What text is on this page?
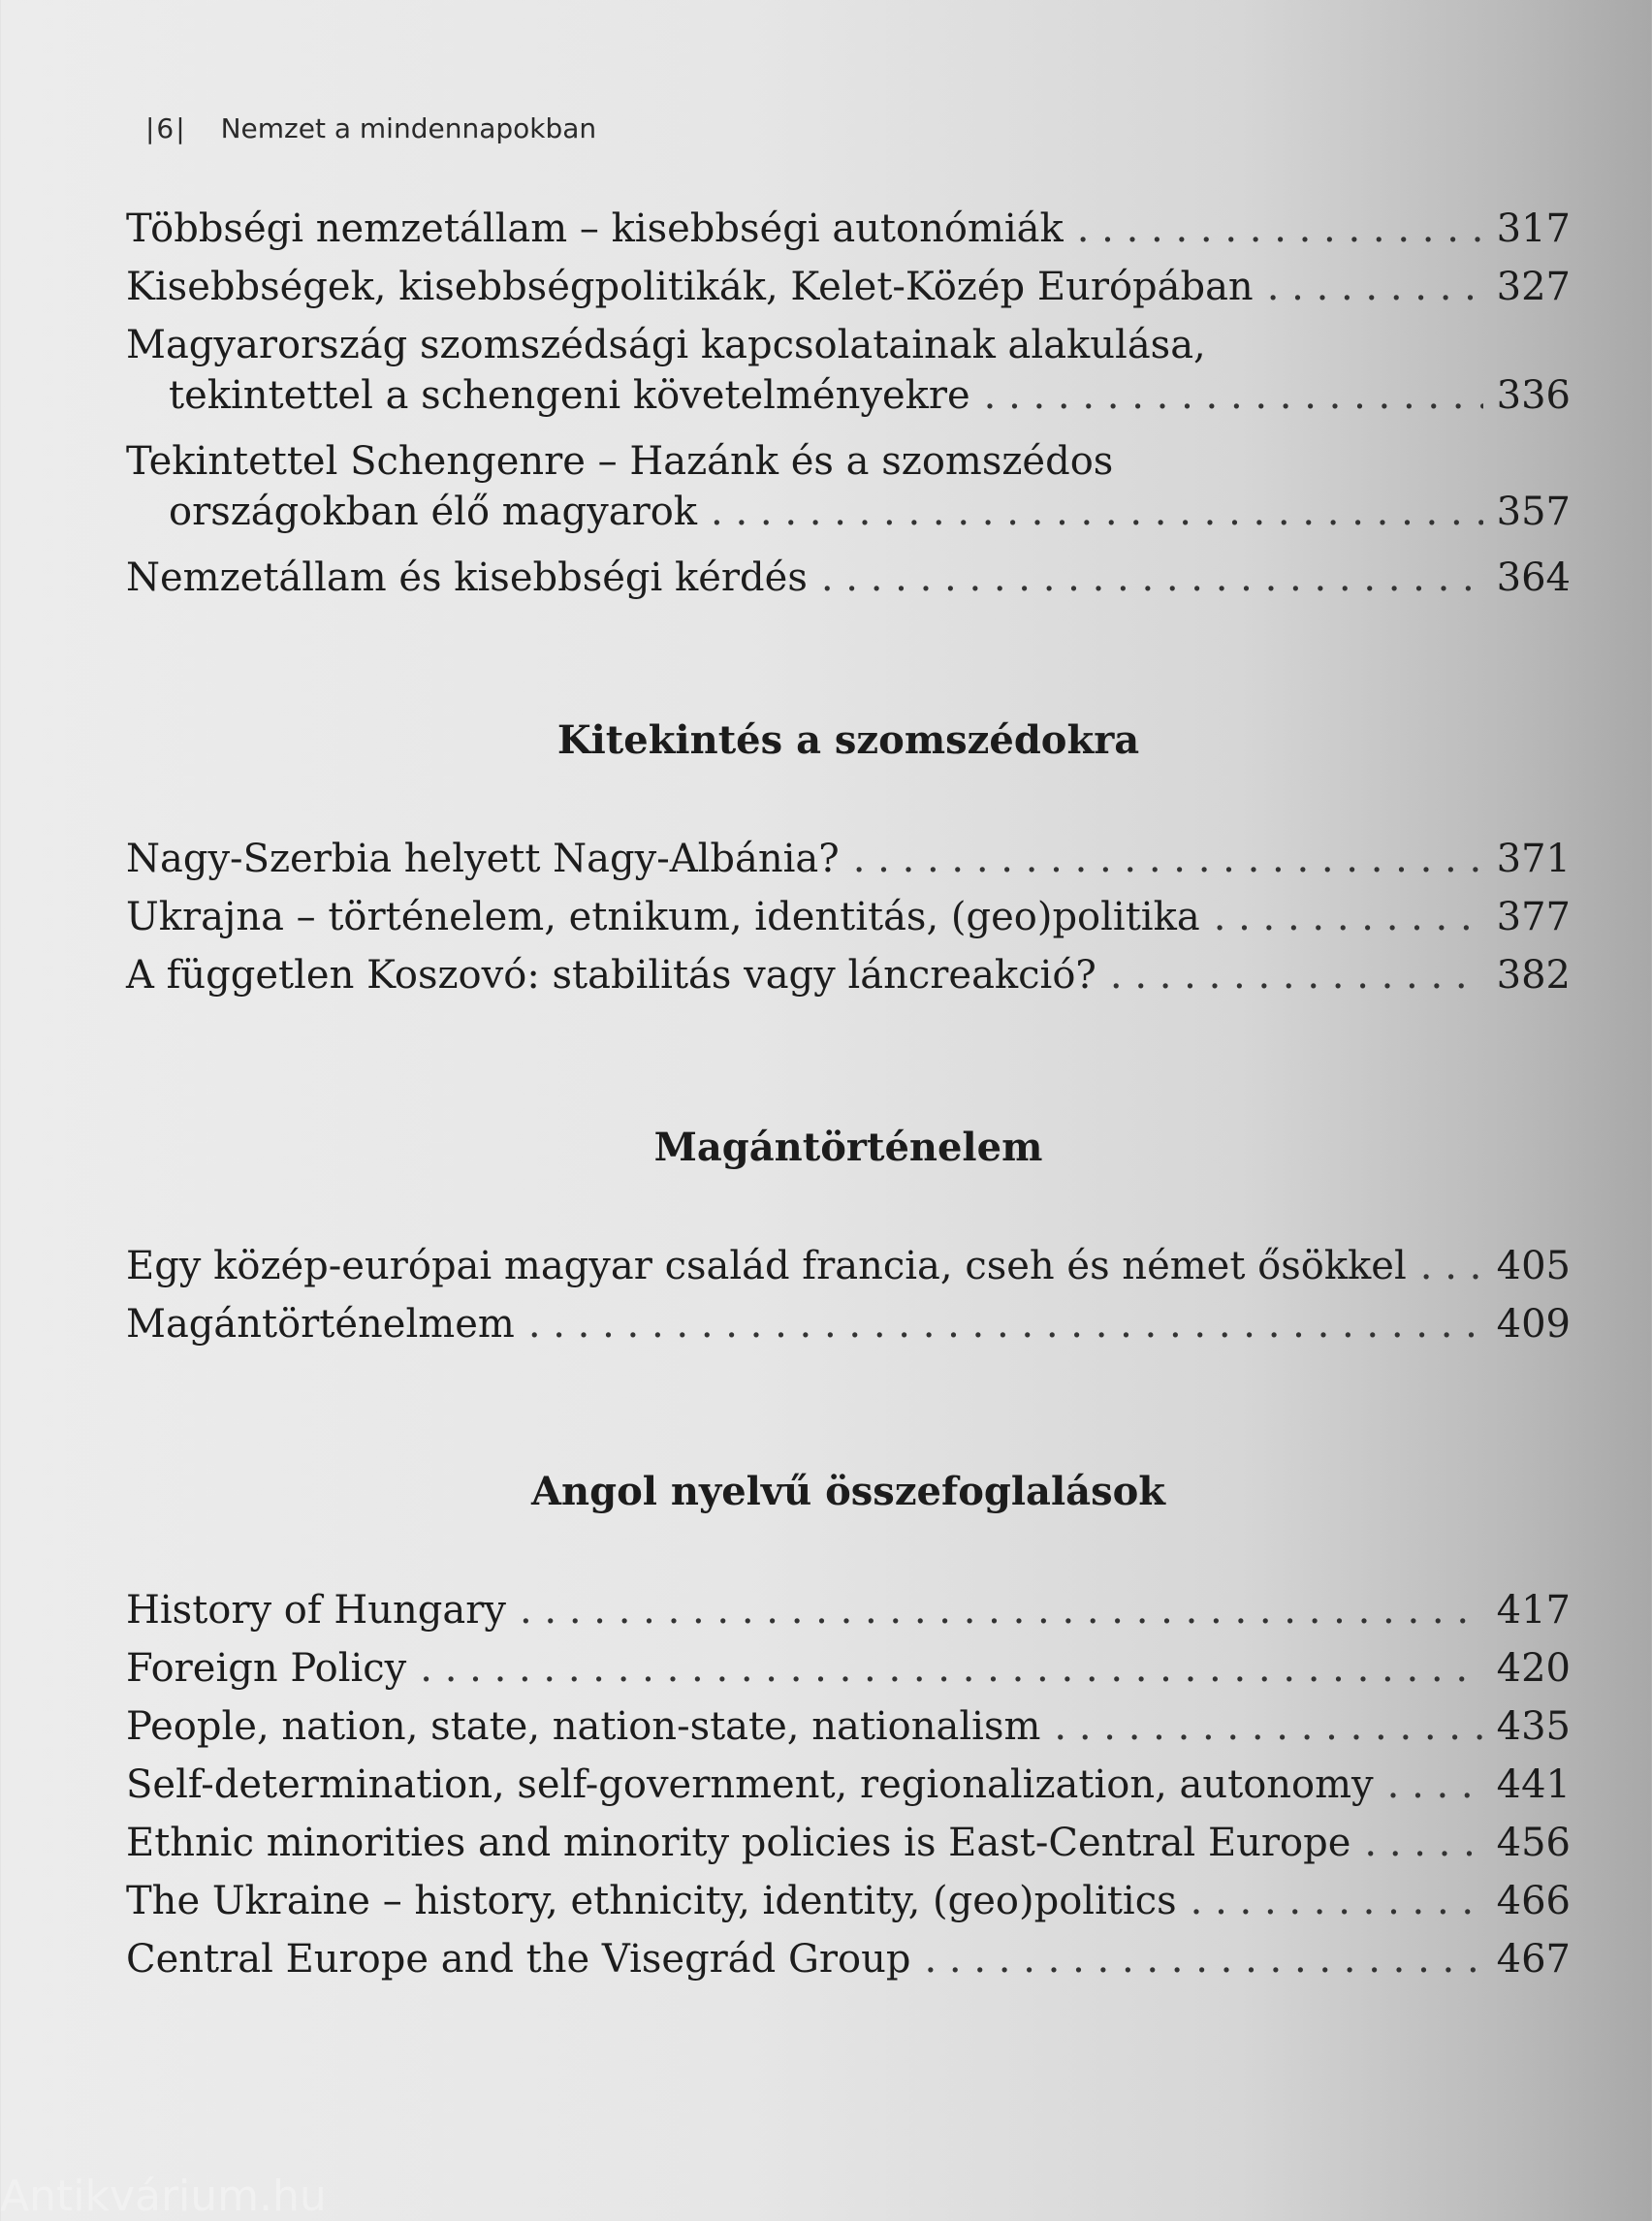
|6| Nemzet a mindennapokban
Többségi nemzetállam – kisebbségi autonómiák . . .	317
Kisebbségek, kisebbségpolitikák, Kelet-Közép Európában . . .	327
Magyarország szomszédsági kapcsolatainak alakulása,
tekintettel a schengeni követelményekre . . .	336
Tekintettel Schengenre – Hazánk és a szomszédos
országokban élő magyarok . . .	357
Nemzetállam és kisebbségi kérdés . . .	364
Kitekintés a szomszédokra
Nagy-Szerbia helyett Nagy-Albánia? . . .	371
Ukrajna – történelem, etnikum, identitás, (geo)politika . . .	377
A független Koszovó: stabilitás vagy láncreakció? . . .	382
Magántörténelem
Egy közép-európai magyar család francia, cseh és német ősökkel . . . 405
Magántörténelmem . . .	409
Angol nyelvű összefoglalások
History of Hungary . . .	417
Foreign Policy . . .	420
People, nation, state, nation-state, nationalism . . .	435
Self-determination, self-government, regionalization, autonomy . . .	441
Ethnic minorities and minority policies is East-Central Europe . . .	456
The Ukraine – history, ethnicity, identity, (geo)politics . . .	466
Central Europe and the Visegrád Group . . .	467
Antikvárium.hu
